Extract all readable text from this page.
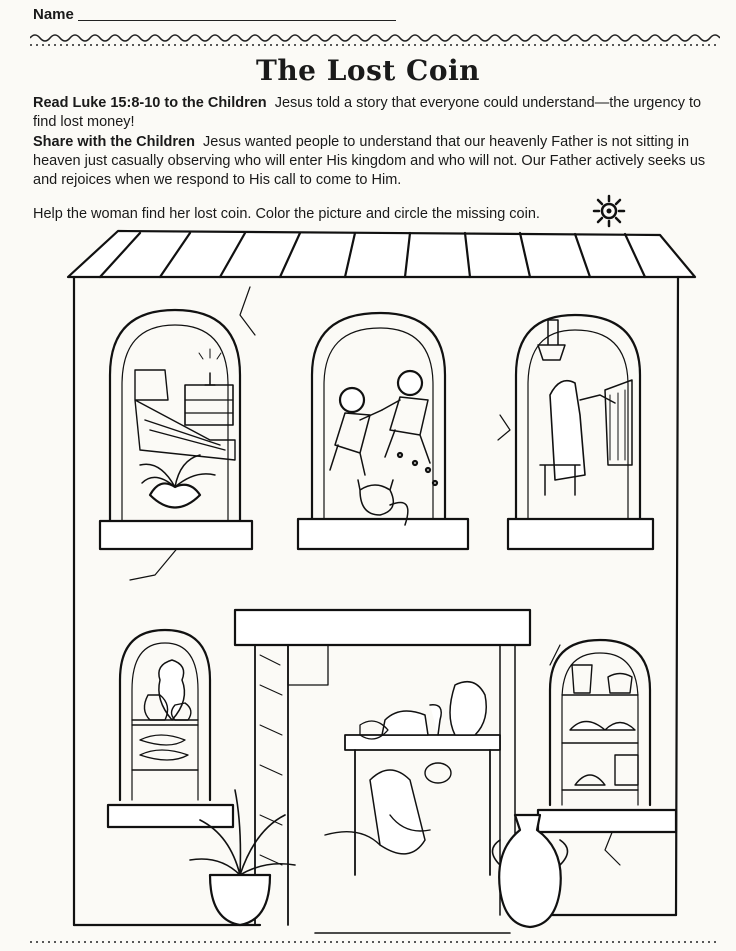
Name
The Lost Coin
Read Luke 15:8-10 to the Children Jesus told a story that everyone could understand—the urgency to find lost money!
Share with the Children Jesus wanted people to understand that our heavenly Father is not sitting in heaven just casually observing who will enter His kingdom and who will not. Our Father actively seeks us and rejoices when we respond to His call to come to Him.
Help the woman find her lost coin. Color the picture and circle the missing coin.
